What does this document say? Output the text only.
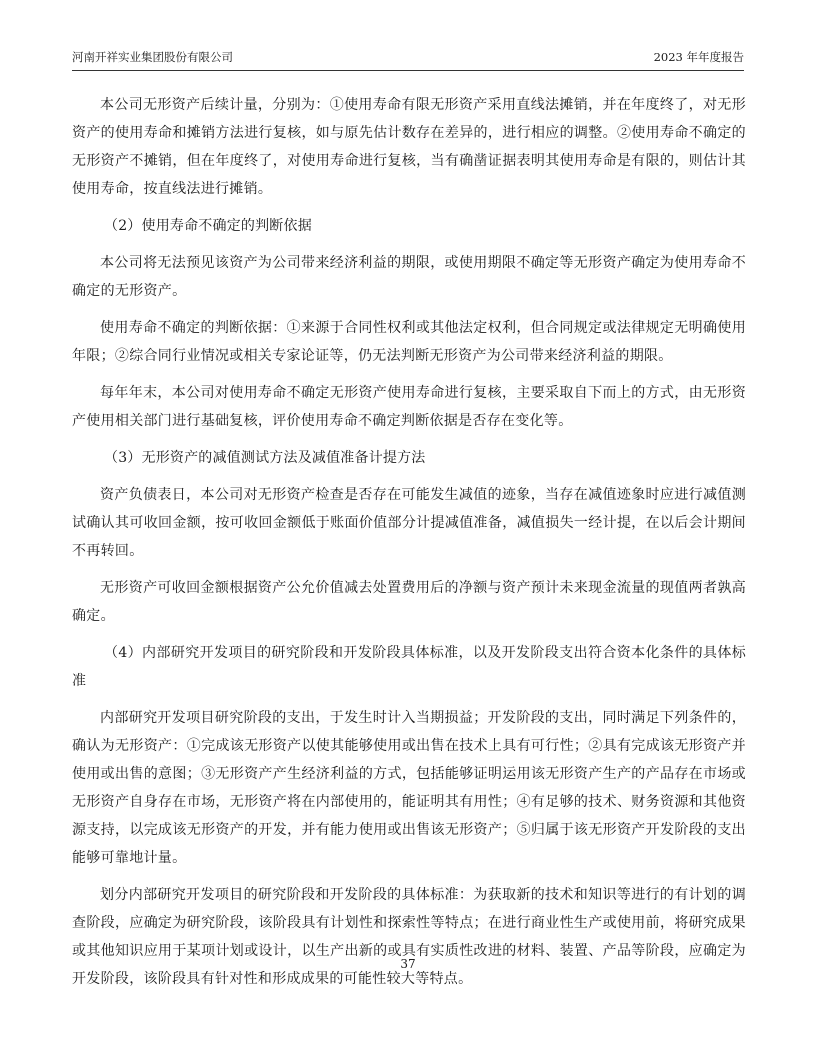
河南开祥实业集团股份有限公司	2023 年年度报告

本公司无形资产后续计量，分别为：①使用寿命有限无形资产采用直线法摊销，并在年度终了，对无形资产的使用寿命和摊销方法进行复核，如与原先估计数存在差异的，进行相应的调整。②使用寿命不确定的无形资产不摊销，但在年度终了，对使用寿命进行复核，当有确凿证据表明其使用寿命是有限的，则估计其使用寿命，按直线法进行摊销。

（2）使用寿命不确定的判断依据

本公司将无法预见该资产为公司带来经济利益的期限，或使用期限不确定等无形资产确定为使用寿命不确定的无形资产。

使用寿命不确定的判断依据：①来源于合同性权利或其他法定权利，但合同规定或法律规定无明确使用年限；②综合同行业情况或相关专家论证等，仍无法判断无形资产为公司带来经济利益的期限。

每年年末，本公司对使用寿命不确定无形资产使用寿命进行复核，主要采取自下而上的方式，由无形资产使用相关部门进行基础复核，评价使用寿命不确定判断依据是否存在变化等。

（3）无形资产的减值测试方法及减值准备计提方法

资产负债表日，本公司对无形资产检查是否存在可能发生减值的迹象，当存在减值迹象时应进行减值测试确认其可收回金额，按可收回金额低于账面价值部分计提减值准备，减值损失一经计提，在以后会计期间不再转回。

无形资产可收回金额根据资产公允价值减去处置费用后的净额与资产预计未来现金流量的现值两者孰高确定。

（4）内部研究开发项目的研究阶段和开发阶段具体标准，以及开发阶段支出符合资本化条件的具体标准

内部研究开发项目研究阶段的支出，于发生时计入当期损益；开发阶段的支出，同时满足下列条件的，确认为无形资产：①完成该无形资产以使其能够使用或出售在技术上具有可行性；②具有完成该无形资产并使用或出售的意图；③无形资产产生经济利益的方式，包括能够证明运用该无形资产生产的产品存在市场或无形资产自身存在市场，无形资产将在内部使用的，能证明其有用性；④有足够的技术、财务资源和其他资源支持，以完成该无形资产的开发，并有能力使用或出售该无形资产；⑤归属于该无形资产开发阶段的支出能够可靠地计量。

划分内部研究开发项目的研究阶段和开发阶段的具体标准：为获取新的技术和知识等进行的有计划的调查阶段，应确定为研究阶段，该阶段具有计划性和探索性等特点；在进行商业性生产或使用前，将研究成果或其他知识应用于某项计划或设计，以生产出新的或具有实质性改进的材料、装置、产品等阶段，应确定为开发阶段，该阶段具有针对性和形成成果的可能性较大等特点。

37
